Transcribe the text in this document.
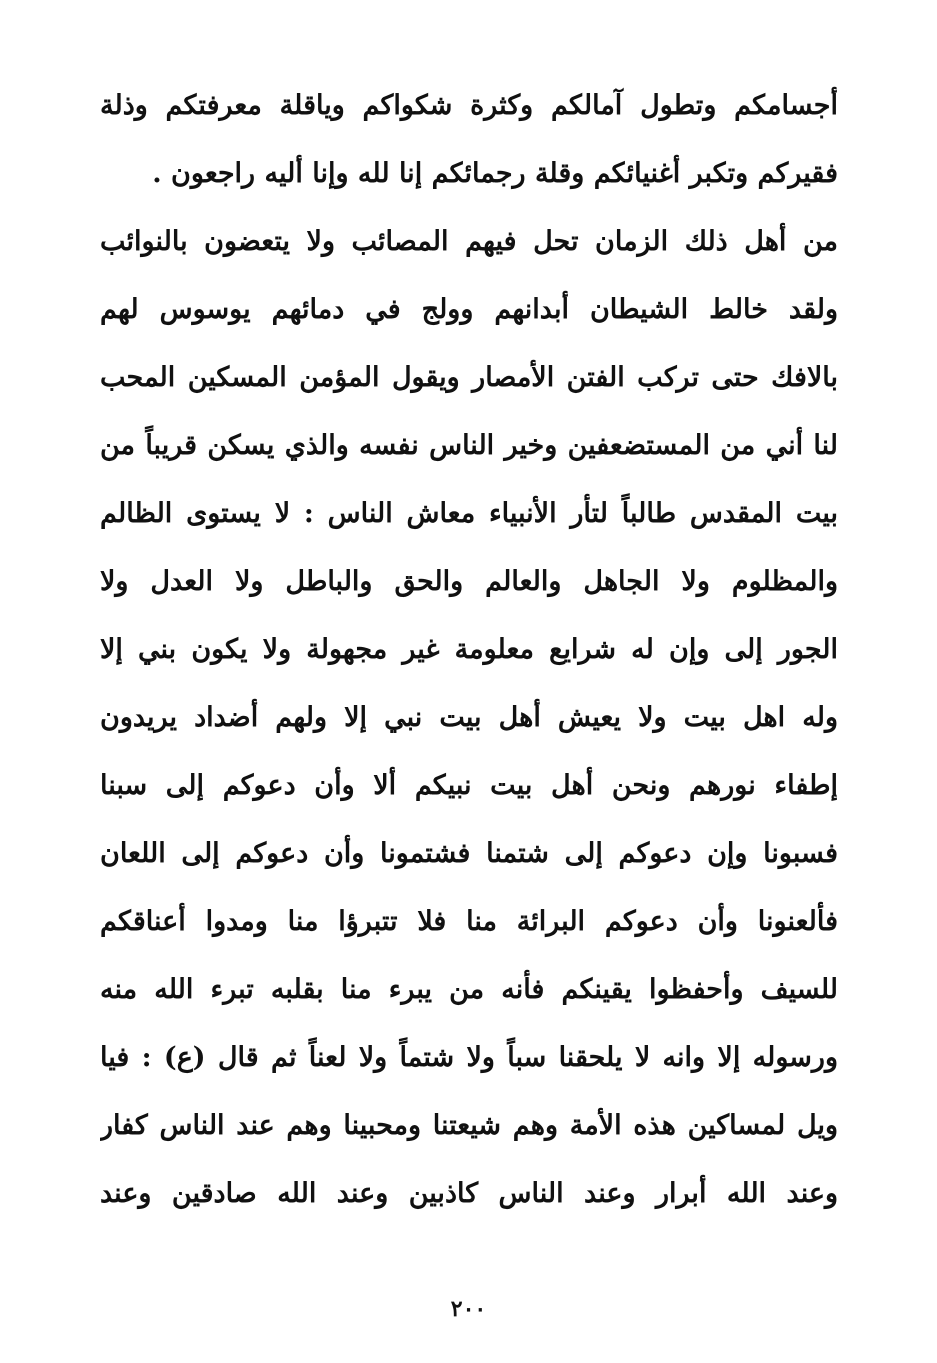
أجسامكم وتطول آمالكم وكثرة شكواكم وياقلة معرفتكم وذلة
فقيركم وتكبر أغنيائكم وقلة رجمائكم إنا لله وإنا أليه راجعون .
من أهل ذلك الزمان تحل فيهم المصائب ولا يتعضون بالنوائب
ولقد خالط الشيطان أبدانهم وولج في دمائهم يوسوس لهم
بالافك حتى تركب الفتن الأمصار ويقول المؤمن المسكين المحب
لنا أني من المستضعفين وخير الناس نفسه والذي يسكن قريباً من
بيت المقدس طالباً لتأر الأنبياء معاش الناس : لا يستوى الظالم
والمظلوم ولا الجاهل والعالم والحق والباطل ولا العدل ولا
الجور إلى وإن له شرايع معلومة غير مجهولة ولا يكون بني إلا
وله اهل بيت ولا يعيش أهل بيت نبي إلا ولهم أضداد يريدون
إطفاء نورهم ونحن أهل بيت نبيكم ألا وأن دعوكم إلى سبنا
فسبونا وإن دعوكم إلى شتمنا فشتمونا وأن دعوكم إلى اللعان
فألعنونا وأن دعوكم البرائة منا فلا تتبرؤا منا ومدوا أعناقكم
للسيف وأحفظوا يقينكم فأنه من يبرء منا بقلبه تبرء الله منه
ورسوله إلا وانه لا يلحقنا سباً ولا شتماً ولا لعناً ثم قال (ع) : فيا
ويل لمساكين هذه الأمة وهم شيعتنا ومحبينا وهم عند الناس كفار
وعند الله أبرار وعند الناس كاذبين وعند الله صادقين وعند
٢٠٠
